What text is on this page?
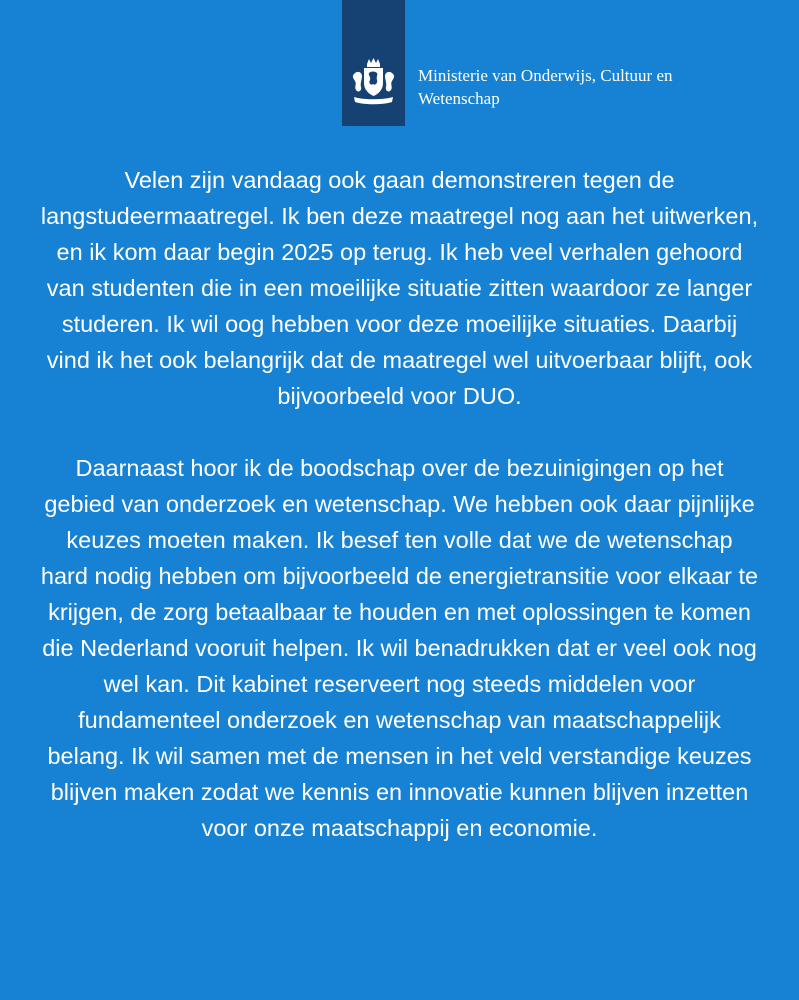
Ministerie van Onderwijs, Cultuur en Wetenschap

Velen zijn vandaag ook gaan demonstreren tegen de langstudeermaatregel. Ik ben deze maatregel nog aan het uitwerken, en ik kom daar begin 2025 op terug. Ik heb veel verhalen gehoord van studenten die in een moeilijke situatie zitten waardoor ze langer studeren. Ik wil oog hebben voor deze moeilijke situaties. Daarbij vind ik het ook belangrijk dat de maatregel wel uitvoerbaar blijft, ook bijvoorbeeld voor DUO.

Daarnaast hoor ik de boodschap over de bezuinigingen op het gebied van onderzoek en wetenschap. We hebben ook daar pijnlijke keuzes moeten maken. Ik besef ten volle dat we de wetenschap hard nodig hebben om bijvoorbeeld de energietransitie voor elkaar te krijgen, de zorg betaalbaar te houden en met oplossingen te komen die Nederland vooruit helpen. Ik wil benadrukken dat er veel ook nog wel kan. Dit kabinet reserveert nog steeds middelen voor fundamenteel onderzoek en wetenschap van maatschappelijk belang. Ik wil samen met de mensen in het veld verstandige keuzes blijven maken zodat we kennis en innovatie kunnen blijven inzetten voor onze maatschappij en economie.
